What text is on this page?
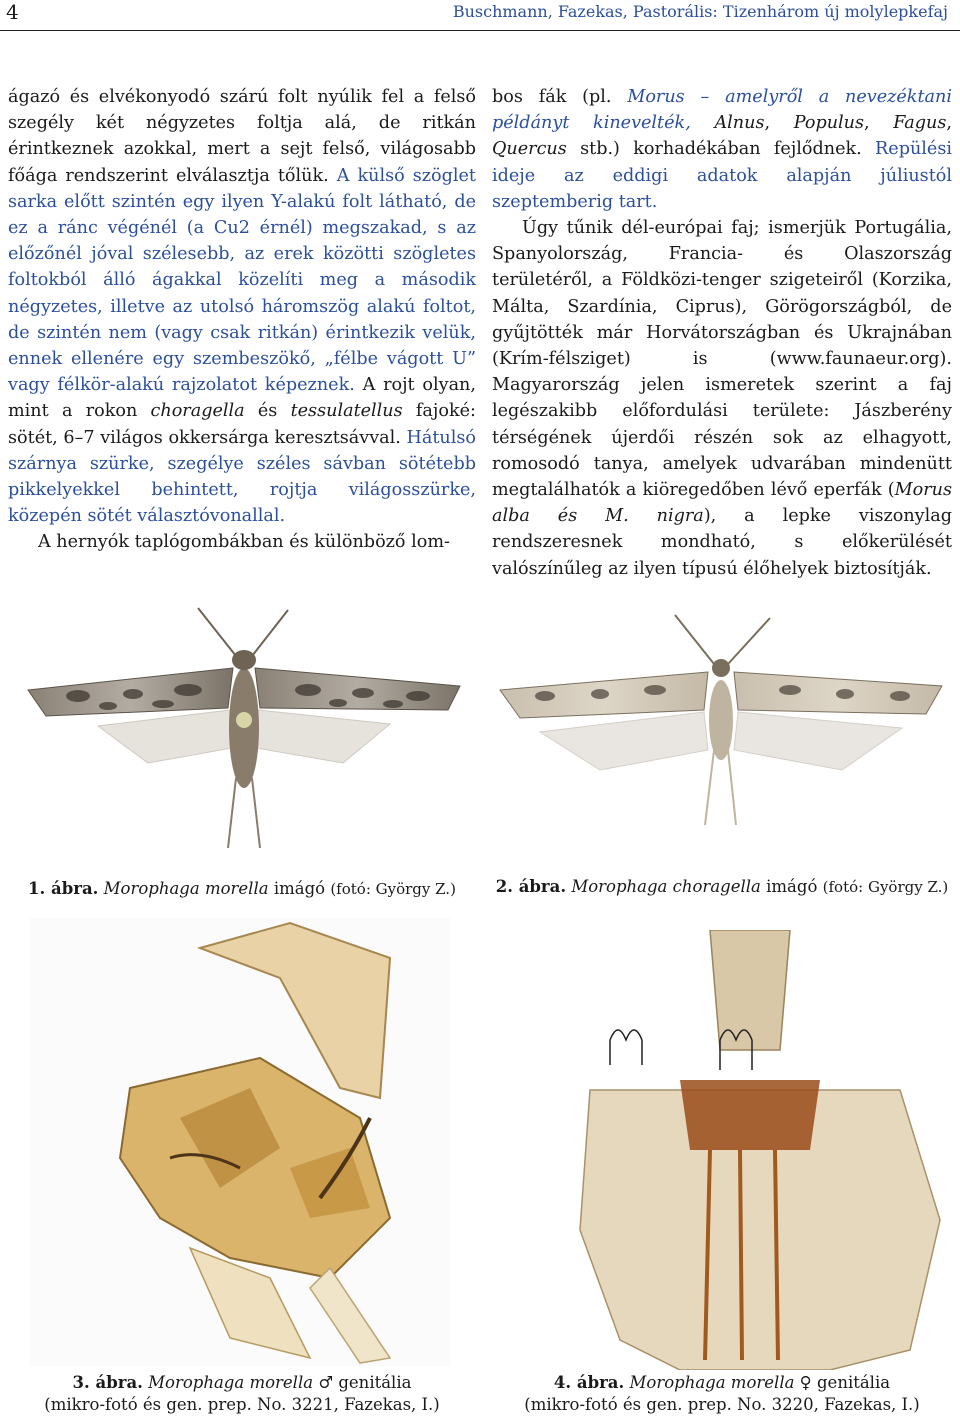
4	Buschmann, Fazekas, Pastorális: Tizenhárom új molylepkefaj

ágazó és elvékonyodó szárú folt nyúlik fel a felső szegély két négyzetes foltja alá, de ritkán érintkeznek azokkal, mert a sejt felső, világosabb főága rendszerint elválasztja tőlük. A külső szöglet sarka előtt szintén egy ilyen Y-alakú folt látható, de ez a ránc végénél (a Cu2 érnél) megszakad, s az előzőnél jóval szélesebb, az erek közötti szögletes foltokból álló ágakkal közelíti meg a második négyzetes, illetve az utolsó háromszög alakú foltot, de szintén nem (vagy csak ritkán) érintkezik velük, ennek ellenére egy szembeszökő, „félbe vágott U” vagy félkör-alakú rajzolatot képeznek. A rojt olyan, mint a rokon choragella és tessulatellus fajoké: sötét, 6–7 világos okkersárga keresztsávval. Hátulsó szárnya szürke, szegélye széles sávban sötétebb pikkelyekkel behintett, rojtja világosszürke, közepén sötét választóvonallal.

A hernyók taplógombákban és különböző lom-

bos fák (pl. Morus – amelyről a nevezéktani példányt kinevelték, Alnus, Populus, Fagus, Quercus stb.) korhadékában fejlődnek. Repülési ideje az eddigi adatok alapján júliustól szeptemberig tart.

Úgy tűnik dél-európai faj; ismerjük Portugália, Spanyolország, Francia- és Olaszország területéről, a Földközi-tenger szigeteiről (Korzika, Málta, Szardínia, Ciprus), Görögországból, de gyűjtötték már Horvátországban és Ukrajnában (Krím-félsziget) is (www.faunaeur.org). Magyarország jelen ismeretek szerint a faj legészakibb előfordulási területe: Jászberény térségének újerdői részén sok az elhagyott, romosodó tanya, amelyek udvarában mindenütt megtalálhatók a kiöregedőben lévő eperfák (Morus alba és M. nigra), a lepke viszonylag rendszeresnek mondható, s előkerülését valószínűleg az ilyen típusú élőhelyek biztosítják.

1. ábra. Morophaga morella imágó (fotó: György Z.)	2. ábra. Morophaga choragella imágó (fotó: György Z.)
3. ábra. Morophaga morella ♂ genitália
(mikro-fotó és gen. prep. No. 3221, Fazekas, I.)
4. ábra. Morophaga morella ♀ genitália
(mikro-fotó és gen. prep. No. 3220, Fazekas, I.)
